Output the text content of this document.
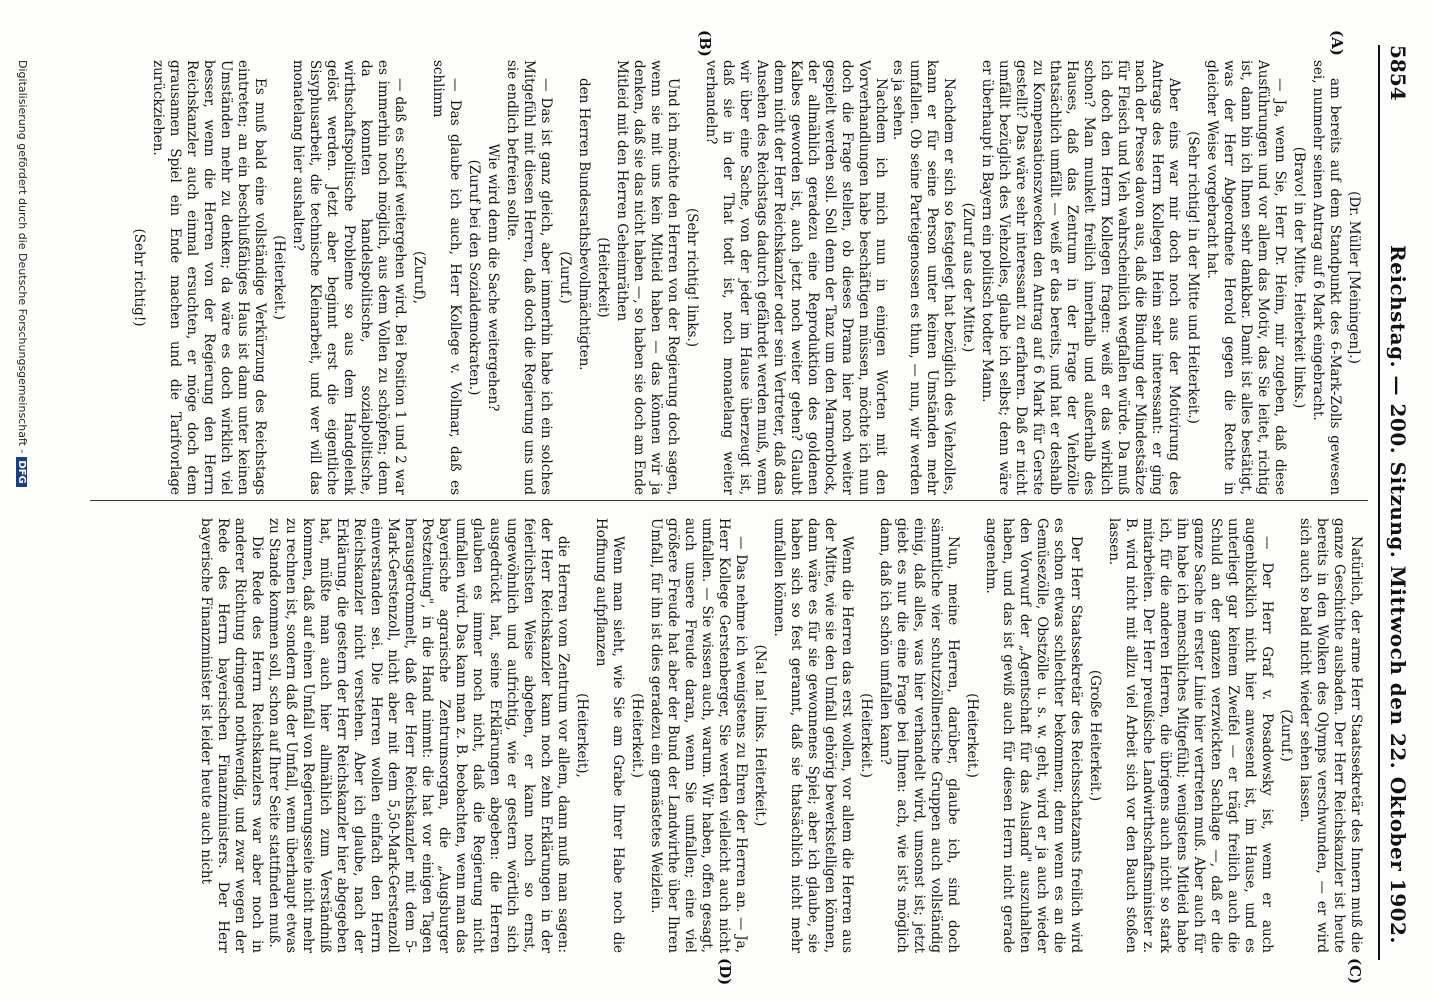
5854
Reichstag. — 200. Sitzung. Mittwoch den 22. Oktober 1902.
(A)
(B)
(C)
(D)
(Dr. Müller [Meiningen].)

am bereits auf dem Standpunkt des 6-Mark-Zolls gewesen sei, nunmehr seinen Antrag auf 6 Mark eingebracht.

(Bravo! in der Mitte. Heiterkeit links.)

— Ja, wenn Sie, Herr Dr. Heim, mir zugeben, daß diese Ausführungen und vor allem das Motiv, das Sie leitet, richtig ist, dann bin ich Ihnen sehr dankbar. Damit ist alles bestätigt, was der Herr Abgeordnete Herold gegen die Rechte in gleicher Weise vorgebracht hat.

(Sehr richtig! in der Mitte und Heiterkeit.)

Aber eins war mir doch noch aus der Motivirung des Antrags des Herrn Kollegen Heim sehr interessant: er ging nach der Presse davon aus, daß die Bindung der Mindestsätze für Fleisch und Vieh wahrscheinlich wegfallen würde. Da muß ich doch den Herrn Kollegen fragen: weiß er das wirklich schon? Man munkelt freilich innerhalb und außerhalb des Hauses, daß das Zentrum in der Frage der Viehzölle thatsächlich umfällt — weiß er das bereits, und hat er deshalb zu Kompensationszwecken den Antrag auf 6 Mark für Gerste gestellt? Das wäre sehr interessant zu erfahren. Daß er nicht umfällt bezüglich des Viehzolles, glaube ich selbst; denn wäre er überhaupt in Bayern ein politisch todter Mann.

(Zuruf aus der Mitte.)

Nachdem er sich so festgelegt hat bezüglich des Viehzolles, kann er für seine Person unter keinen Umständen mehr umfallen. Ob seine Parteigenossen es thun, — nun, wir werden es ja sehen.

Nachdem ich mich nun in einigen Worten mit den Vorverhandlungen habe beschäftigen müssen, möchte ich nun doch die Frage stellen, ob dieses Drama hier noch weiter gespielt werden soll. Soll denn der Tanz um den Marmorblock, der allmählich geradezu eine Reproduktion des goldenen Kalbes geworden ist, auch jetzt noch weiter gehen? Glaubt denn nicht der Herr Reichskanzler oder sein Vertreter, daß das Ansehen des Reichstags dadurch gefährdet werden muß, wenn wir über eine Sache, von der jeder im Hause überzeugt ist, daß sie in der That todt ist, noch monatelang weiter verhandeln?

(Sehr richtig! links.)

Und ich möchte den Herren von der Regierung doch sagen, wenn sie mit uns kein Mitleid haben — das können wir ja denken, daß sie das nicht haben —, so haben sie doch am Ende Mitleid mit den Herren Geheimräthen

(Heiterkeit)

den Herren Bundesrathsbevollmächtigten.

(Zuruf.)

— Das ist ganz gleich, aber immerhin habe ich ein solches Mitgefühl mit diesen Herren, daß doch die Regierung uns und sie endlich befreien sollte.

Wie wird denn die Sache weitergehen?
(Zuruf bei den Sozialdemokraten.)

— Das glaube ich auch, Herr Kollege v. Vollmar, daß es schlimm

(Zuruf),

— daß es schief weitergehen wird. Bei Position 1 und 2 war es immerhin noch möglich, aus dem Vollen zu schöpfen; denn da konnten handelspolitische, sozialpolitische, wirthschaftspolitische Probleme so aus dem Handgelenk gelöst werden. Jetzt aber beginnt erst die eigentliche Sisyphusarbeit, die technische Kleinarbeit, und wer will das monatelang hier aushalten?

(Heiterkeit.)

Es muß bald eine vollständige Verkürzung des Reichstags eintreten; an ein beschlußfähiges Haus ist dann unter keinen Umständen mehr zu denken; da wäre es doch wirklich viel besser, wenn die Herren von der Regierung den Herrn Reichskanzler auch einmal ersuchten, er möge doch dem grausamen Spiel ein Ende machen und die Tarifvorlage zurückziehen.

(Sehr richtig!)

Natürlich, der arme Herr Staatssekretär des Innern muß die ganze Geschichte ausbaden. Der Herr Reichskanzler ist heute bereits in den Wolken des Olymps verschwunden, — er wird sich auch so bald nicht wieder sehen lassen.

(Zuruf.)

— Der Herr Graf v. Posadowsky ist, wenn er auch augenblicklich nicht hier anwesend ist, im Hause, und es unterliegt gar keinem Zweifel — er trägt freilich auch die Schuld an der ganzen verzwickten Sachlage —, daß er die ganze Sache in erster Linie hier vertreten muß. Aber auch für ihn habe ich menschliches Mitgefühl; wenigstens Mitleid habe ich, für die anderen Herren, die übrigens auch nicht so stark mitarbeiten. Der Herr preußische Landwirthschaftsminister z. B. wird nicht mit allzu viel Arbeit sich vor den Bauch stoßen lassen.

(Große Heiterkeit.)

Der Herr Staatssekretär des Reichsschatzamts freilich wird es schon etwas schlechter bekommen; denn wenn es an die Gemüsezölle, Obstzölle u. s. w. geht, wird er ja auch wieder den Vorwurf der „Agentschaft für das Ausland" auszuhalten haben, und das ist gewiß auch für diesen Herrn nicht gerade angenehm.

(Heiterkeit.)

Nun, meine Herren, darüber, glaube ich, sind doch sämmtliche vier schutzzöllnerische Gruppen auch vollständig einig, daß alles, was hier verhandelt wird, umsonst ist; jetzt giebt es nur die eine Frage bei Ihnen: ach, wie ist's möglich dann, daß ich schön umfallen kann?

(Heiterkeit.)

Wenn die Herren das erst wollen, vor allem die Herren aus der Mitte, wie sie den Umfall gehörig bewerkstelligen können, dann wäre es für sie gewonnenes Spiel; aber ich glaube, sie haben sich so fest gerannt, daß sie thatsächlich nicht mehr umfallen können.

(Na! na! links. Heiterkeit.)

— Das nehme ich wenigstens zu Ehren der Herren an. — Ja, Herr Kollege Gerstenberger, Sie werden vielleicht auch nicht umfallen. — Sie wissen auch, warum. Wir haben, offen gesagt, auch unsere Freude daran, wenn Sie umfallen; eine viel größere Freude hat aber der Bund der Landwirthe über Ihren Umfall, für ihn ist dies geradezu ein gemästetes Weizlein.

(Heiterkeit.)

Wenn man sieht, wie Sie am Grabe Ihrer Habe noch die Hoffnung aufpflanzen

(Heiterkeit),

die Herren vom Zentrum vor allem, dann muß man sagen: der Herr Reichskanzler kann noch zehn Erklärungen in der feierlichsten Weise abgeben, er kann noch so ernst, ungewöhnlich und aufrichtig, wie er gestern wörtlich sich ausgedrückt hat, seine Erklärungen abgeben: die Herren glauben es immer noch nicht, daß die Regierung nicht umfallen wird. Das kann man z. B. beobachten, wenn man das bayerische agrarische Zentrumsorgan, die „Augsburger Postzeitung", in die Hand nimmt: die hat vor einigen Tagen herausgetrommelt, daß der Herr Reichskanzler mit dem 5-Mark-Gerstenzoll, nicht aber mit dem 5,50-Mark-Gerstenzoll einverstanden sei. Die Herren wollen einfach den Herrn Reichskanzler nicht verstehen. Aber ich glaube, nach der Erklärung, die gestern der Herr Reichskanzler hier abgegeben hat, müßte man auch hier allmählich zum Verständniß kommen, daß auf einen Umfall von Regierungsseite nicht mehr zu rechnen ist, sondern daß der Umfall, wenn überhaupt etwas zu Stande kommen soll, schon auf Ihrer Seite stattfinden muß.

Die Rede des Herrn Reichskanzlers war aber noch in anderer Richtung dringend nothwendig, und zwar wegen der Rede des Herrn bayerischen Finanzministers. Der Herr bayerische Finanzminister ist leider heute auch nicht

Digitalisierung gefördert durch die Deutsche Forschungsgemeinschaft -DFG
